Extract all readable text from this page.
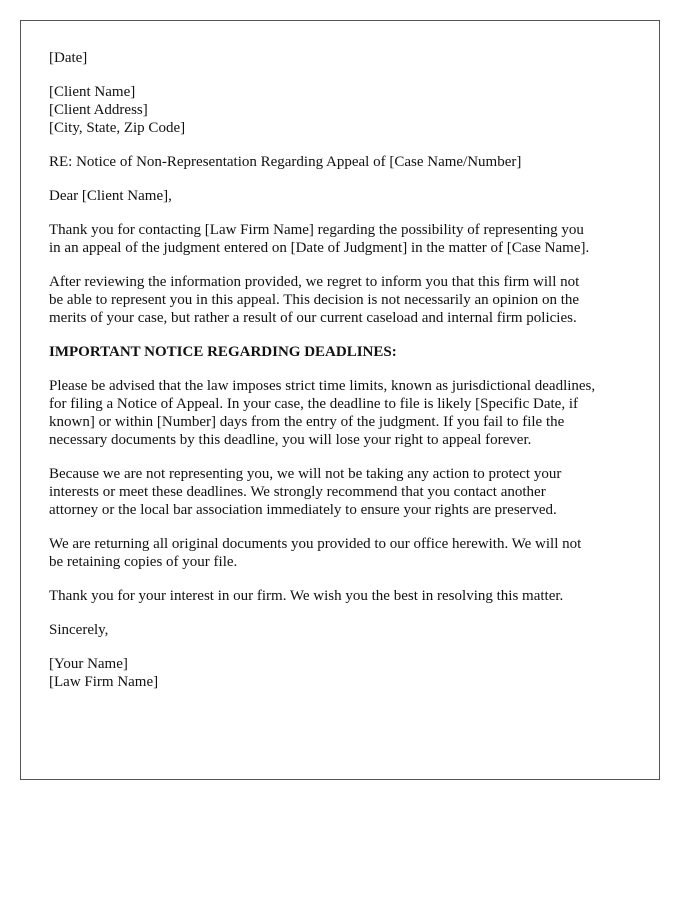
[Date]

[Client Name]
[Client Address]
[City, State, Zip Code]

RE: Notice of Non-Representation Regarding Appeal of [Case Name/Number]

Dear [Client Name],

Thank you for contacting [Law Firm Name] regarding the possibility of representing you
in an appeal of the judgment entered on [Date of Judgment] in the matter of [Case Name].

After reviewing the information provided, we regret to inform you that this firm will not
be able to represent you in this appeal. This decision is not necessarily an opinion on the
merits of your case, but rather a result of our current caseload and internal firm policies.

IMPORTANT NOTICE REGARDING DEADLINES:

Please be advised that the law imposes strict time limits, known as jurisdictional deadlines,
for filing a Notice of Appeal. In your case, the deadline to file is likely [Specific Date, if
known] or within [Number] days from the entry of the judgment. If you fail to file the
necessary documents by this deadline, you will lose your right to appeal forever.

Because we are not representing you, we will not be taking any action to protect your
interests or meet these deadlines. We strongly recommend that you contact another
attorney or the local bar association immediately to ensure your rights are preserved.

We are returning all original documents you provided to our office herewith. We will not
be retaining copies of your file.

Thank you for your interest in our firm. We wish you the best in resolving this matter.

Sincerely,

[Your Name]
[Law Firm Name]
